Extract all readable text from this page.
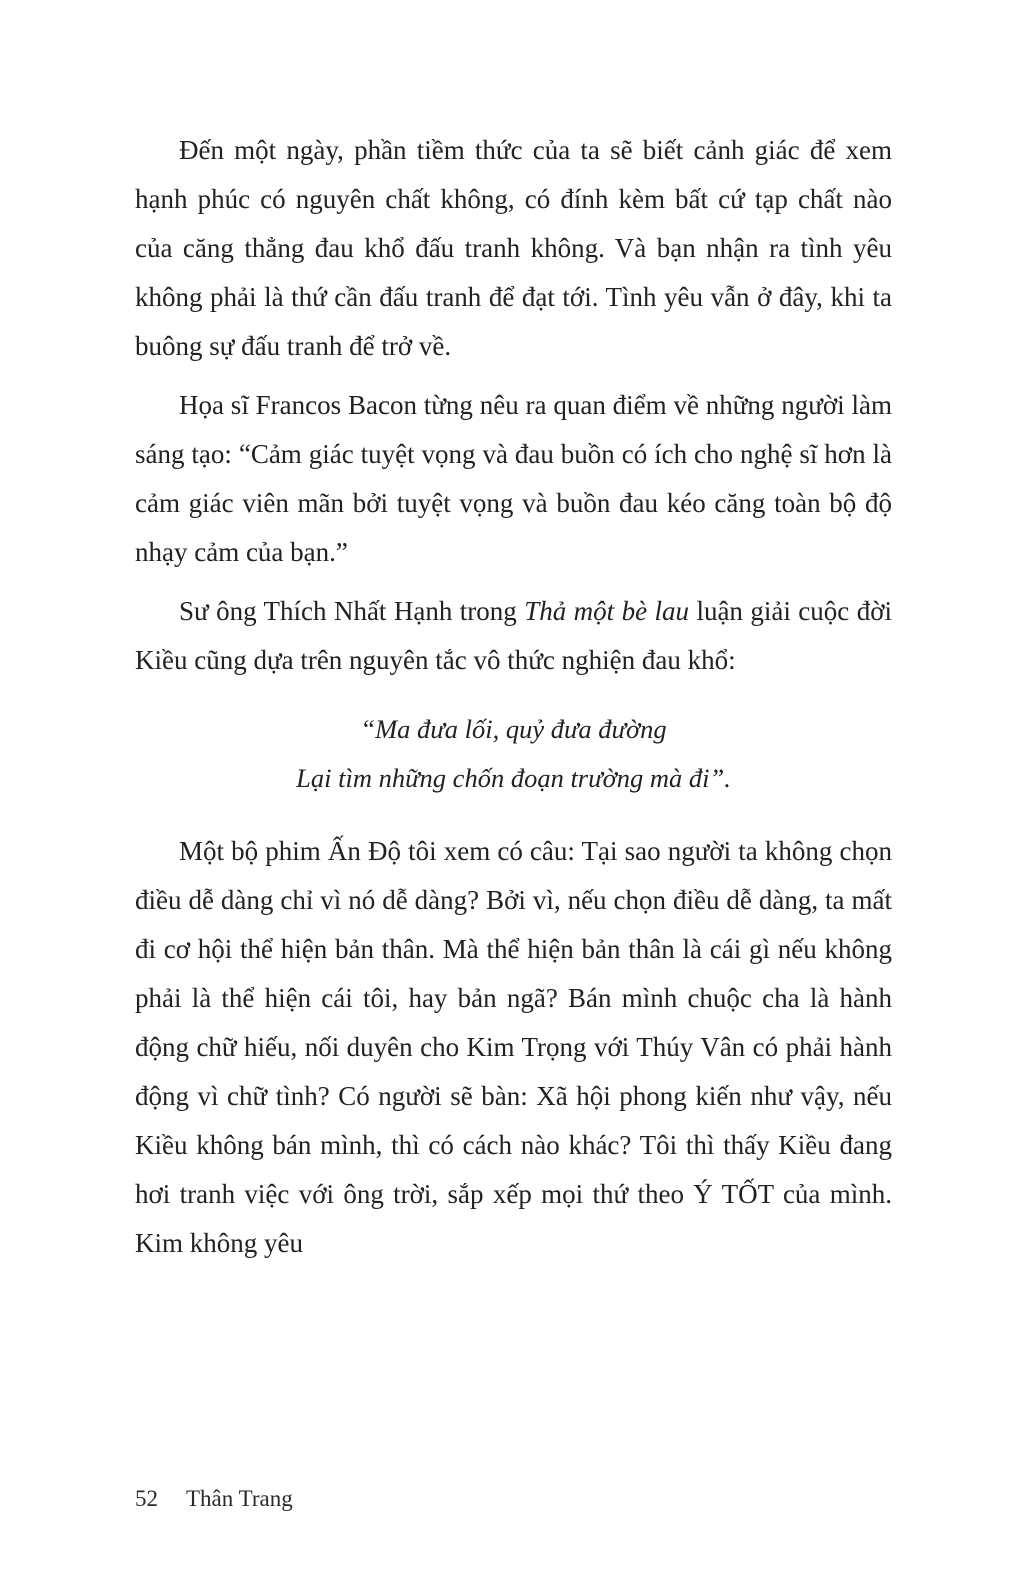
Đến một ngày, phần tiềm thức của ta sẽ biết cảnh giác để xem hạnh phúc có nguyên chất không, có đính kèm bất cứ tạp chất nào của căng thẳng đau khổ đấu tranh không. Và bạn nhận ra tình yêu không phải là thứ cần đấu tranh để đạt tới. Tình yêu vẫn ở đây, khi ta buông sự đấu tranh để trở về.

Họa sĩ Francos Bacon từng nêu ra quan điểm về những người làm sáng tạo: “Cảm giác tuyệt vọng và đau buồn có ích cho nghệ sĩ hơn là cảm giác viên mãn bởi tuyệt vọng và buồn đau kéo căng toàn bộ độ nhạy cảm của bạn.”

Sư ông Thích Nhất Hạnh trong Thả một bè lau luận giải cuộc đời Kiều cũng dựa trên nguyên tắc vô thức nghiện đau khổ:

“Ma đưa lối, quỷ đưa đường
Lại tìm những chốn đoạn trường mà đi”.

Một bộ phim Ấn Độ tôi xem có câu: Tại sao người ta không chọn điều dễ dàng chỉ vì nó dễ dàng? Bởi vì, nếu chọn điều dễ dàng, ta mất đi cơ hội thể hiện bản thân. Mà thể hiện bản thân là cái gì nếu không phải là thể hiện cái tôi, hay bản ngã? Bán mình chuộc cha là hành động chữ hiếu, nối duyên cho Kim Trọng với Thúy Vân có phải hành động vì chữ tình? Có người sẽ bàn: Xã hội phong kiến như vậy, nếu Kiều không bán mình, thì có cách nào khác? Tôi thì thấy Kiều đang hơi tranh việc với ông trời, sắp xếp mọi thứ theo Ý TỐT của mình. Kim không yêu

52 Thân Trang
